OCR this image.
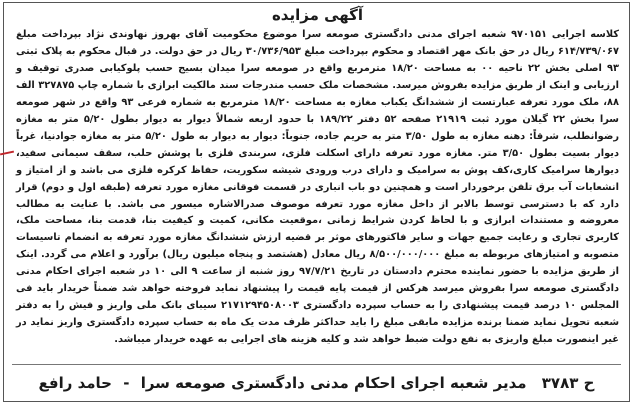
آگهی مزایده

کلاسه اجرایی ۹۷۰۱۵۱ شعبه اجرای مدنی دادگستری صومعه سرا موضوع محکومیت آقای بهروز نهاوندی نژاد بپرداخت مبلغ ۶۱۴/۷۳۹/۰۶۷ ریال در حق بانک مهر اقتصاد و محکوم بپرداخت مبلغ ۳۰/۷۳۶/۹۵۳ ریال در حق دولت. در قبال محکوم به پلاک ثبتی ۹۳ اصلی بخش ۲۲ ناحیه ۰۰ به مساحت ۱۸/۲۰ مترمربع واقع در صومعه سرا میدان بسیج حسب پلوکیابی صدری توقیف و ارزیابی و اینک از طریق مزایده بفروش میرسد. مشخصات ملک حسب مندرجات سند مالکیت ابرازی با شماره چاپ ۳۲۷۸۷۵ الف ۸۸، ملک مورد تعرفه عبارتست از ششدانگ یکباب مغازه به مساحت ۱۸/۲۰ مترمربع به شماره فرعی ۹۳ واقع در شهر صومعه سرا بخش ۲۲ گیلان مورد ثبت ۲۱۹۱۹ صفحه ۵۲ دفتر ۱۸۹/۲۲ با حدود اربعه شمالاً دیوار به دیوار بطول ۵/۲۰ متر به مغازه رضوانطلب، شرقاً: دهنه مغازه به طول ۳/۵۰ متر به حریم جاده، جنوباً: دیوار به دیوار به طول ۵/۲۰ متر به مغازه جوادنیا، غرباً دیوار بسیت بطول ۳/۵۰ متر. مغازه مورد تعرفه دارای اسکلت فلزی، سربندی فلزی با پوشش حلب، سقف سیمانی سفید، دیوارها سرامیک کاری،کف پوش به سرامیک و دارای درب ورودی شیشه سکوریت، حفاظ کرکره فلزی می باشد و از امتیاز و انشعابات آب برق تلفن برخوردار است و همچنین دو باب انباری در قسمت فوقانی مغازه مورد تعرفه (طبقه اول و دوم) قرار دارد که با دسترسی توسط بالابر از داخل مغازه مورد تعرفه موصوف صدرالاشاره میسور می باشد. با عنایت به مطالب معروضه و مستندات ابرازی و با لحاظ کردن شرایط زمانی ،موقعیت مکانی، کمیت و کیفیت بنا، قدمت بنا، مساحت ملک، کاربری تجاری و رعایت جمیع جهات و سایر فاکتورهای موثر بر قضیه ارزش ششدانگ مغازه مورد تعرفه به انضمام تاسیسات متصوبه و امتیازهای مربوطه به مبلغ ۸/۵۰۰/۰۰۰/۰۰۰ ریال معادل (هشتصد و پنجاه میلیون ریال) برآورد و اعلام می گردد. اینک از طریق مزایده با حضور نماینده محترم دادستان در تاریخ ۹۷/۷/۲۱ روز شنبه از ساعت ۹ الی ۱۰ در شعبه اجرای احکام مدنی دادگستری صومعه سرا بفروش میرسد هرکس از قیمت پایه قیمت را پیشنهاد نماید فروخته خواهد شد ضمناً خریدار باید فی المجلس ۱۰ درصد قیمت پیشنهادی را به حساب سپرده دادگستری ۲۱۷۱۲۹۴۵۰۸۰۰۳ سیبای بانک ملی واریز و فیش را به دفتر شعبه تحویل نماید ضمنا برنده مزایده مابقی مبلغ را باید حداکثر ظرف مدت یک ماه به حساب سپرده دادگستری واریز نماید در غیر اینصورت مبلغ واریزی به نفع دولت ضبط خواهد شد و کلیه هزینه های اجرایی به عهده خریدار میباشد.

ح ۳۷۸۳ مدیر شعبه اجرای احکام مدنی دادگستری صومعه سرا - حامد رافع
